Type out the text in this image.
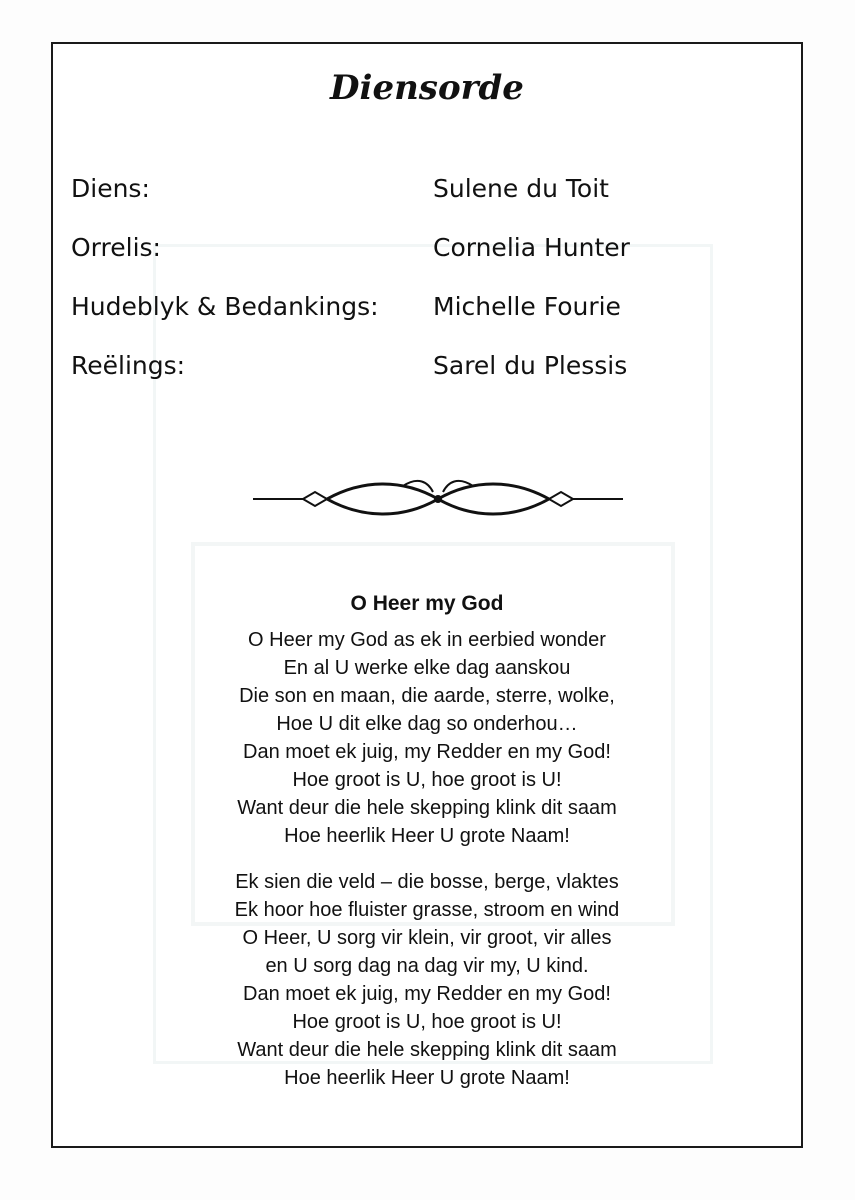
Diensorde
Diens:	Sulene du Toit
Orrelis:	Cornelia Hunter
Hudeblyk & Bedankings: Michelle Fourie
Reëlings:	Sarel du Plessis
O Heer my God
O Heer my God as ek in eerbied wonder
En al U werke elke dag aanskou
Die son en maan, die aarde, sterre, wolke,
Hoe U dit elke dag so onderhou…
Dan moet ek juig, my Redder en my God!
Hoe groot is U, hoe groot is U!
Want deur die hele skepping klink dit saam
Hoe heerlik Heer U grote Naam!
Ek sien die veld – die bosse, berge, vlaktes
Ek hoor hoe fluister grasse, stroom en wind
O Heer, U sorg vir klein, vir groot, vir alles
en U sorg dag na dag vir my, U kind.
Dan moet ek juig, my Redder en my God!
Hoe groot is U, hoe groot is U!
Want deur die hele skepping klink dit saam
Hoe heerlik Heer U grote Naam!
